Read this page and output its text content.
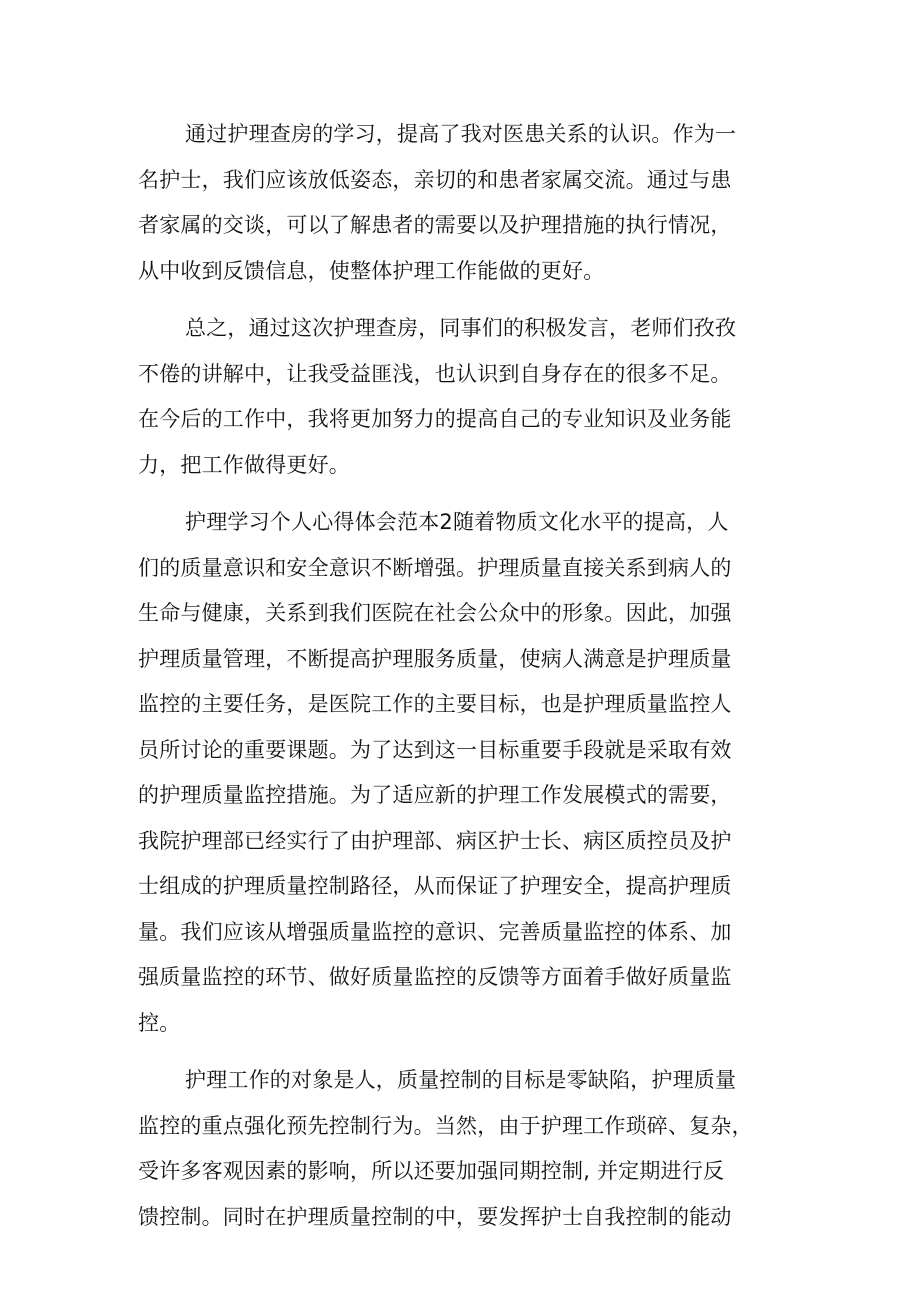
通过护理查房的学习，提高了我对医患关系的认识。作为一
名护士，我们应该放低姿态，亲切的和患者家属交流。通过与患
者家属的交谈，可以了解患者的需要以及护理措施的执行情况，
从中收到反馈信息，使整体护理工作能做的更好。

总之，通过这次护理查房，同事们的积极发言，老师们孜孜
不倦的讲解中，让我受益匪浅，也认识到自身存在的很多不足。
在今后的工作中，我将更加努力的提高自己的专业知识及业务能
力，把工作做得更好。

护理学习个人心得体会范本2随着物质文化水平的提高，人
们的质量意识和安全意识不断增强。护理质量直接关系到病人的
生命与健康，关系到我们医院在社会公众中的形象。因此，加强
护理质量管理，不断提高护理服务质量，使病人满意是护理质量
监控的主要任务，是医院工作的主要目标，也是护理质量监控人
员所讨论的重要课题。为了达到这一目标重要手段就是采取有效
的护理质量监控措施。为了适应新的护理工作发展模式的需要，
我院护理部已经实行了由护理部、病区护士长、病区质控员及护
士组成的护理质量控制路径，从而保证了护理安全，提高护理质
量。我们应该从增强质量监控的意识、完善质量监控的体系、加
强质量监控的环节、做好质量监控的反馈等方面着手做好质量监
控。

护理工作的对象是人，质量控制的目标是零缺陷，护理质量
监控的重点强化预先控制行为。当然，由于护理工作琐碎、复杂，
受许多客观因素的影响，所以还要加强同期控制, 并定期进行反
馈控制。同时在护理质量控制的中，要发挥护士自我控制的能动
